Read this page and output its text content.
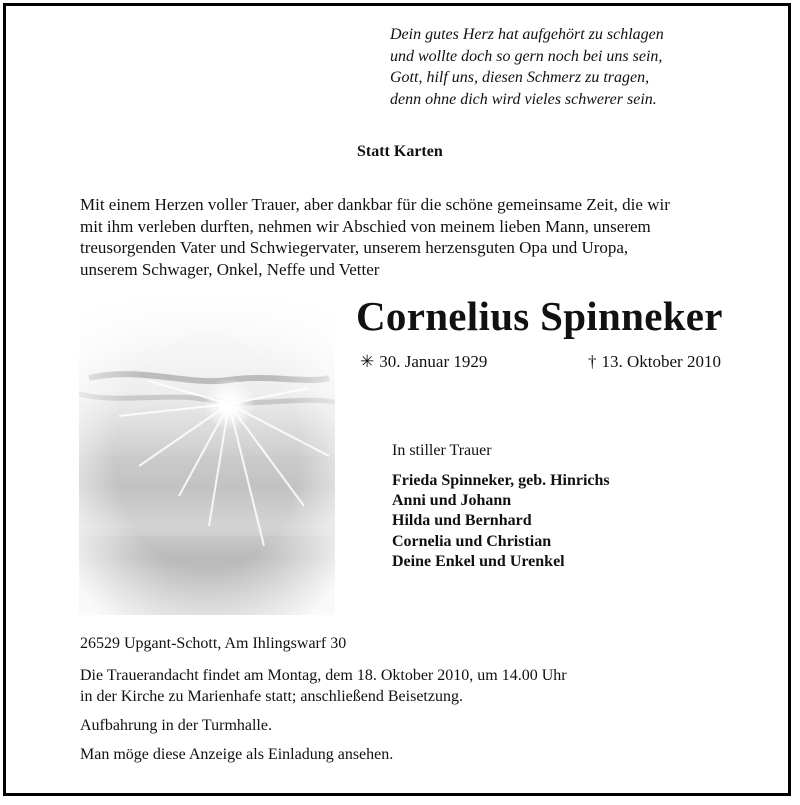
Dein gutes Herz hat aufgehört zu schlagen
und wollte doch so gern noch bei uns sein,
Gott, hilf uns, diesen Schmerz zu tragen,
denn ohne dich wird vieles schwerer sein.
Statt Karten
Mit einem Herzen voller Trauer, aber dankbar für die schöne gemeinsame Zeit, die wir
mit ihm verleben durften, nehmen wir Abschied von meinem lieben Mann, unserem
treusorgenden Vater und Schwiegervater, unserem herzensguten Opa und Uropa,
unserem Schwager, Onkel, Neffe und Vetter
Cornelius Spinneker
✳ 30. Januar 1929	† 13. Oktober 2010
In stiller Trauer
Frieda Spinneker, geb. Hinrichs
Anni und Johann
Hilda und Bernhard
Cornelia und Christian
Deine Enkel und Urenkel
26529 Upgant-Schott, Am Ihlingswarf 30
Die Trauerandacht findet am Montag, dem 18. Oktober 2010, um 14.00 Uhr
in der Kirche zu Marienhafe statt; anschließend Beisetzung.
Aufbahrung in der Turmhalle.
Man möge diese Anzeige als Einladung ansehen.
